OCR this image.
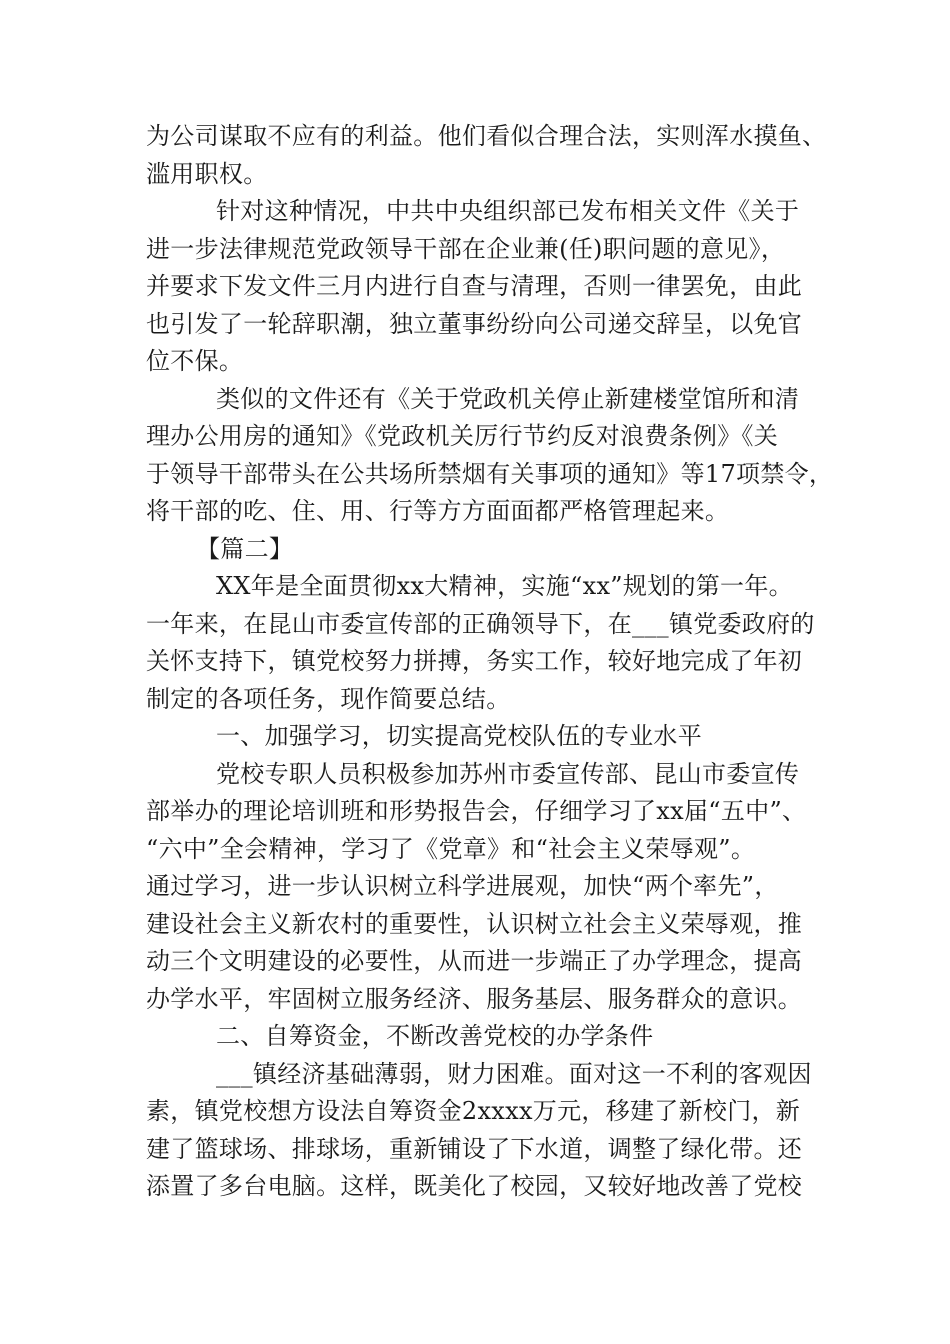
为公司谋取不应有的利益。他们看似合理合法，实则浑水摸鱼、
滥用职权。
针对这种情况，中共中央组织部已发布相关文件《关于
进一步法律规范党政领导干部在企业兼(任)职问题的意见》，
并要求下发文件三月内进行自查与清理，否则一律罢免，由此
也引发了一轮辞职潮，独立董事纷纷向公司递交辞呈，以免官
位不保。
类似的文件还有《关于党政机关停止新建楼堂馆所和清
理办公用房的通知》《党政机关厉行节约反对浪费条例》《关
于领导干部带头在公共场所禁烟有关事项的通知》等17项禁令，
将干部的吃、住、用、行等方方面面都严格管理起来。
【篇二】
XX年是全面贯彻xx大精神，实施“xx”规划的第一年。
一年来，在昆山市委宣传部的正确领导下，在___镇党委政府的
关怀支持下，镇党校努力拼搏，务实工作，较好地完成了年初
制定的各项任务，现作简要总结。
一、加强学习，切实提高党校队伍的专业水平
党校专职人员积极参加苏州市委宣传部、昆山市委宣传
部举办的理论培训班和形势报告会，仔细学习了xx届“五中”、
“六中”全会精神，学习了《党章》和“社会主义荣辱观”。
通过学习，进一步认识树立科学进展观，加快“两个率先”，
建设社会主义新农村的重要性，认识树立社会主义荣辱观，推
动三个文明建设的必要性，从而进一步端正了办学理念，提高
办学水平，牢固树立服务经济、服务基层、服务群众的意识。
二、自筹资金，不断改善党校的办学条件
___镇经济基础薄弱，财力困难。面对这一不利的客观因
素，镇党校想方设法自筹资金2xxxx万元，移建了新校门，新
建了篮球场、排球场，重新铺设了下水道，调整了绿化带。还
添置了多台电脑。这样，既美化了校园，又较好地改善了党校
